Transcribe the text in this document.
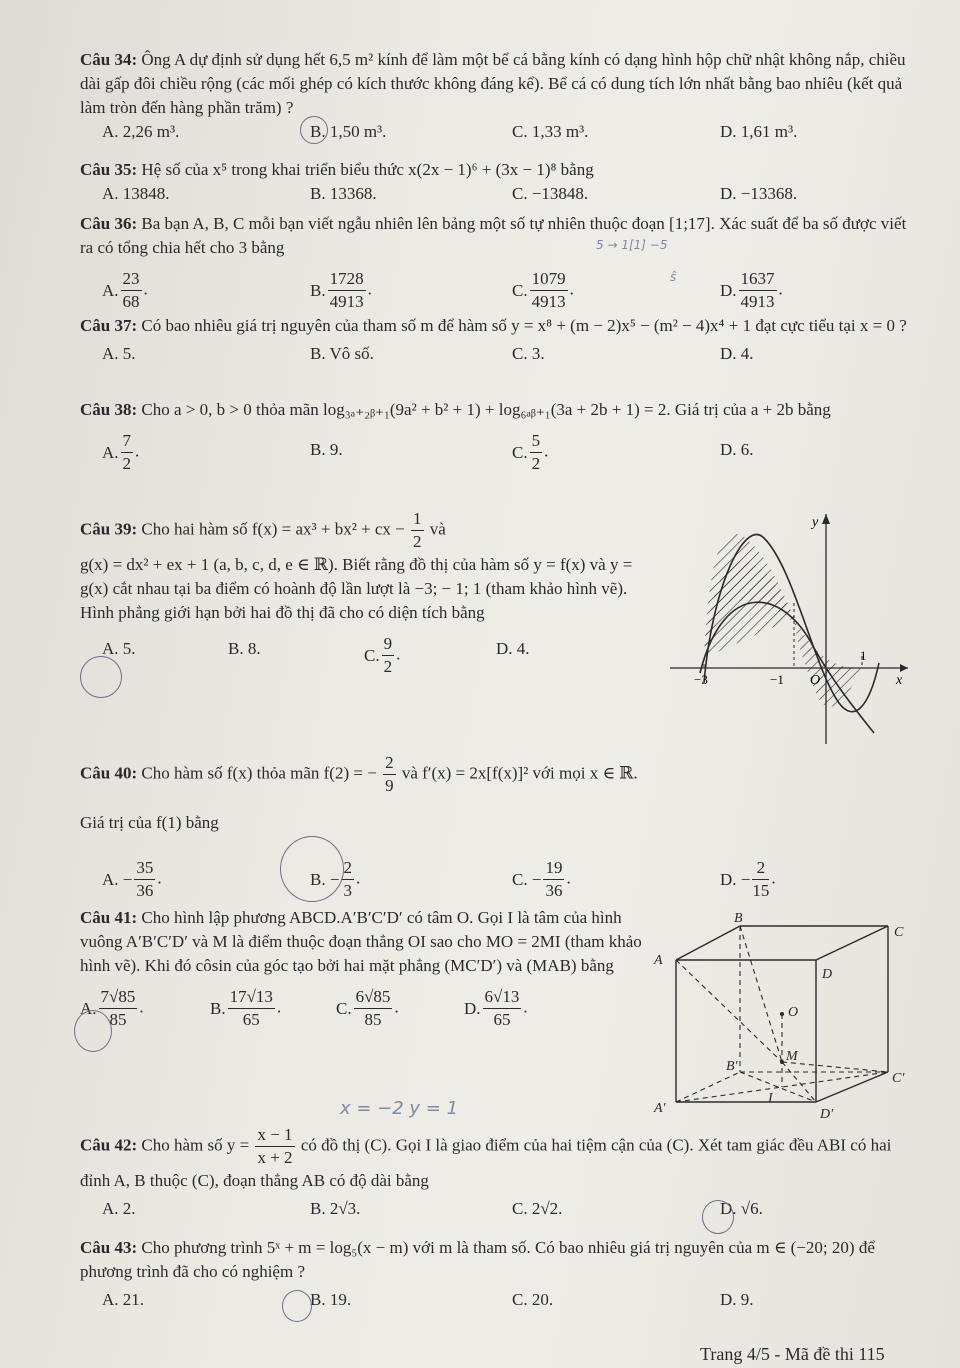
Câu 34: Ông A dự định sử dụng hết 6,5 m² kính để làm một bể cá bằng kính có dạng hình hộp chữ nhật không nắp, chiều dài gấp đôi chiều rộng (các mối ghép có kích thước không đáng kể). Bể cá có dung tích lớn nhất bằng bao nhiêu (kết quả làm tròn đến hàng phần trăm) ?
A. 2,26 m³.	B. 1,50 m³.	C. 1,33 m³.	D. 1,61 m³.
Câu 35: Hệ số của x⁵ trong khai triển biểu thức x(2x − 1)⁶ + (3x − 1)⁸ bằng
A. 13848.	B. 13368.	C. −13848.	D. −13368.
Câu 36: Ba bạn A, B, C mỗi bạn viết ngẫu nhiên lên bảng một số tự nhiên thuộc đoạn [1;17]. Xác suất để ba số được viết ra có tổng chia hết cho 3 bằng
A. $\frac{23}{68}$ .	B. $\frac{1728}{4913}$ .	C. $\frac{1079}{4913}$ .	D. $\frac{1637}{4913}$ .
Câu 37: Có bao nhiêu giá trị nguyên của tham số m để hàm số y = x⁸ + (m − 2)x⁵ − (m² − 4)x⁴ + 1 đạt cực tiểu tại x = 0 ?
A. 5.	B. Vô số.	C. 3.	D. 4.
Câu 38: Cho a > 0, b > 0 thỏa mãn log₃ₐ₊₂ᵦ₊₁(9a² + b² + 1) + log₆ₐᵦ₊₁(3a + 2b + 1) = 2. Giá trị của a + 2b bằng
A. $\frac{7}{2}$ .	B. 9.	C. $\frac{5}{2}$ .	D. 6.
Câu 39: Cho hai hàm số f(x) = ax³ + bx² + cx − $\frac{1}{2}$ và
g(x) = dx² + ex + 1 (a, b, c, d, e ∈ ℝ). Biết rằng đồ thị của hàm số y = f(x) và y = g(x) cắt nhau tại ba điểm có hoành độ lần lượt là −3; − 1; 1 (tham khảo hình vẽ). Hình phẳng giới hạn bởi hai đồ thị đã cho có diện tích bằng
A. 5.	B. 8.	C. $\frac{9}{2}$ .	D. 4.
y
x
O
−3	−1
1
Câu 40: Cho hàm số f(x) thỏa mãn f(2) = − $\frac{2}{9}$ và f′(x) = 2x[f(x)]² với mọi x ∈ ℝ.
Giá trị của f(1) bằng
A. − $\frac{35}{36}$ .	B. − $\frac{2}{3}$ .	C. − $\frac{19}{36}$ .	D. − $\frac{2}{15}$ .
Câu 41: Cho hình lập phương ABCD.A′B′C′D′ có tâm O. Gọi I là tâm của hình vuông A′B′C′D′ và M là điểm thuộc đoạn thẳng OI sao cho MO = 2MI (tham khảo hình vẽ). Khi đó côsin của góc tạo bởi hai mặt phẳng (MC′D′) và (MAB) bằng
A. $\frac{7√85}{85}$ .	B. $\frac{17√13}{65}$ .	C. $\frac{6√85}{85}$ .	D. $\frac{6√13}{65}$ .
A
B
C
D
A′
B′
C′
D′
O
M
I
Câu 42: Cho hàm số $y = \frac{x - 1}{x + 2}$ có đồ thị (C). Gọi I là giao điểm của hai tiệm cận của (C). Xét tam giác đều ABI có hai đỉnh A, B thuộc (C), đoạn thẳng AB có độ dài bằng
A. 2.	B. 2√3.	C. 2√2.	D. √6.
Câu 43: Cho phương trình 5ˣ + m = log₅(x − m) với m là tham số. Có bao nhiêu giá trị nguyên của m ∈ (−20; 20) để phương trình đã cho có nghiệm ?
A. 21.	B. 19.	C. 20.	D. 9.
5 → 1[1] −5
ŝ
x = −2 y = 1
Trang 4/5 - Mã đề thi 115
